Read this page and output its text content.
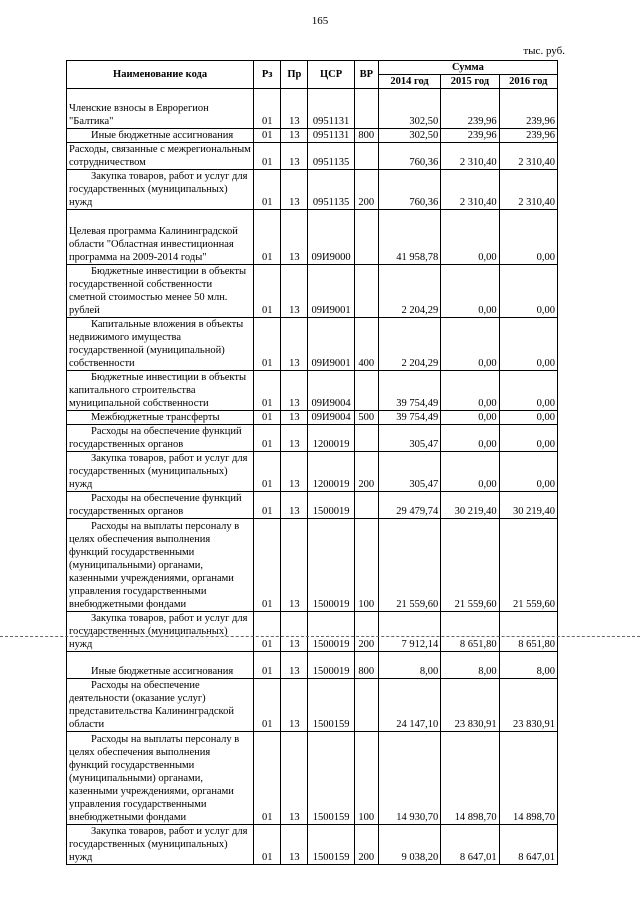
165
тыс. руб.
Наименование кода	Рз	Пр	ЦСР	ВР	Сумма		
					2014 год	2015 год	2016 год
Членские взносы в Еврорегион "Балтика"	01	13	0951131		302,50	239,96	239,96
Иные бюджетные ассигнования	01	13	0951131	800	302,50	239,96	239,96
Расходы, связанные с межрегиональным сотрудничеством	01	13	0951135		760,36	2 310,40	2 310,40
Закупка товаров, работ и услуг для государственных (муниципальных) нужд	01	13	0951135	200	760,36	2 310,40	2 310,40
Целевая программа Калининградской области "Областная инвестиционная программа на 2009-2014 годы"	01	13	09И9000		41 958,78	0,00	0,00
Бюджетные инвестиции в объекты государственной собственности сметной стоимостью менее 50 млн. рублей	01	13	09И9001		2 204,29	0,00	0,00
Капитальные вложения в объекты недвижимого имущества государственной (муниципальной) собственности	01	13	09И9001	400	2 204,29	0,00	0,00
Бюджетные инвестиции в объекты капитального строительства муниципальной собственности	01	13	09И9004		39 754,49	0,00	0,00
Межбюджетные трансферты	01	13	09И9004	500	39 754,49	0,00	0,00
Расходы на обеспечение функций государственных органов	01	13	1200019		305,47	0,00	0,00
Закупка товаров, работ и услуг для государственных (муниципальных) нужд	01	13	1200019	200	305,47	0,00	0,00
Расходы на обеспечение функций государственных органов	01	13	1500019		29 479,74	30 219,40	30 219,40
Расходы на выплаты персоналу в целях обеспечения выполнения функций государственными (муниципальными) органами, казенными учреждениями, органами управления государственными внебюджетными фондами	01	13	1500019	100	21 559,60	21 559,60	21 559,60
Закупка товаров, работ и услуг для государственных (муниципальных) нужд	01	13	1500019	200	7 912,14	8 651,80	8 651,80
Иные бюджетные ассигнования	01	13	1500019	800	8,00	8,00	8,00
Расходы на обеспечение деятельности (оказание услуг) представительства Калининградской области	01	13	1500159		24 147,10	23 830,91	23 830,91
Расходы на выплаты персоналу в целях обеспечения выполнения функций государственными (муниципальными) органами, казенными учреждениями, органами управления государственными внебюджетными фондами	01	13	1500159	100	14 930,70	14 898,70	14 898,70
Закупка товаров, работ и услуг для государственных (муниципальных) нужд	01	13	1500159	200	9 038,20	8 647,01	8 647,01
